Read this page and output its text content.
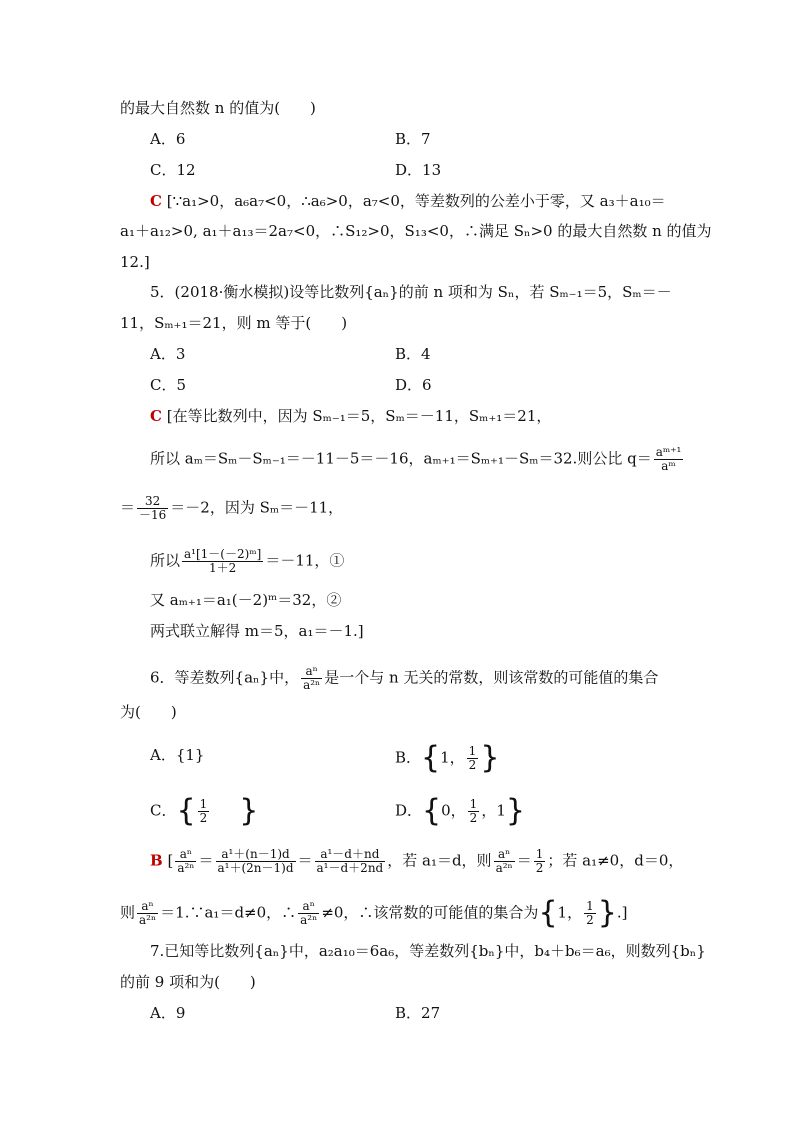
的最大自然数 n 的值为(　　)
A．6	B．7
C．12	D．13
C [∵a₁>0，a₆a₇<0，∴a₆>0，a₇<0，等差数列的公差小于零，又 a₃＋a₁₀＝
a₁＋a₁₂>0, a₁＋a₁₃＝2a₇<0，∴S₁₂>0，S₁₃<0，∴满足 Sₙ>0 的最大自然数 n 的值为
12.]
5．(2018·衡水模拟)设等比数列{aₙ}的前 n 项和为 Sₙ，若 Sₘ₋₁＝5，Sₘ＝－
11，Sₘ₊₁＝21，则 m 等于(　　)
A．3	B．4
C．5	D．6
C [在等比数列中，因为 Sₘ₋₁＝5，Sₘ＝－11，Sₘ₊₁＝21，
所以 aₘ＝Sₘ－Sₘ₋₁＝－11－5＝－16，aₘ₊₁＝Sₘ₊₁－Sₘ＝32.则公比 $q= \frac{\text{aᵐ⁺¹}}{\text{aᵐ}}$
＝ $\frac{32}{-16} =-2$，因为 Sₘ＝－11，
所以 $\frac{\text{a¹[1－(－2)ᵐ]}}{1+2} =-11$，①
又 aₘ₊₁＝a₁(－2)ᵐ＝32，②
两式联立解得 m＝5，a₁＝－1.]
6．等差数列{aₙ}中， $\frac{\text{aⁿ}}{\text{a²ⁿ}}$ 是一个与 n 无关的常数，则该常数的可能值的集合
为(　　)
A．{1}	B．{1， $\frac{1}{2}$ }
C．{ $\frac{1}{2}$ }	D．{0， $\frac{1}{2}$ ，1}
B [ $\frac{\text{aⁿ}}{\text{a²ⁿ}} = \frac{\text{a¹＋(n－1)d}}{\text{a¹＋(2n－1)d}} = \frac{\text{a¹－d＋nd}}{\text{a¹－d＋2nd}}$ ，若 a₁＝d，则 $\frac{\text{aⁿ}}{\text{a²ⁿ}} = \frac{1}{2}$ ；若 a₁≠0，d＝0，
则 $\frac{\text{aⁿ}}{\text{a²ⁿ}}$ ＝1.∵a₁＝d≠0，∴ $\frac{\text{aⁿ}}{\text{a²ⁿ}} \ne 0$，∴该常数的可能值的集合为{1， $\frac{1}{2}$ }.]
7.已知等比数列{aₙ}中，a₂a₁₀＝6a₆，等差数列{bₙ}中，b₄＋b₆＝a₆，则数列{bₙ}
的前 9 项和为(　　)
A．9	B．27
